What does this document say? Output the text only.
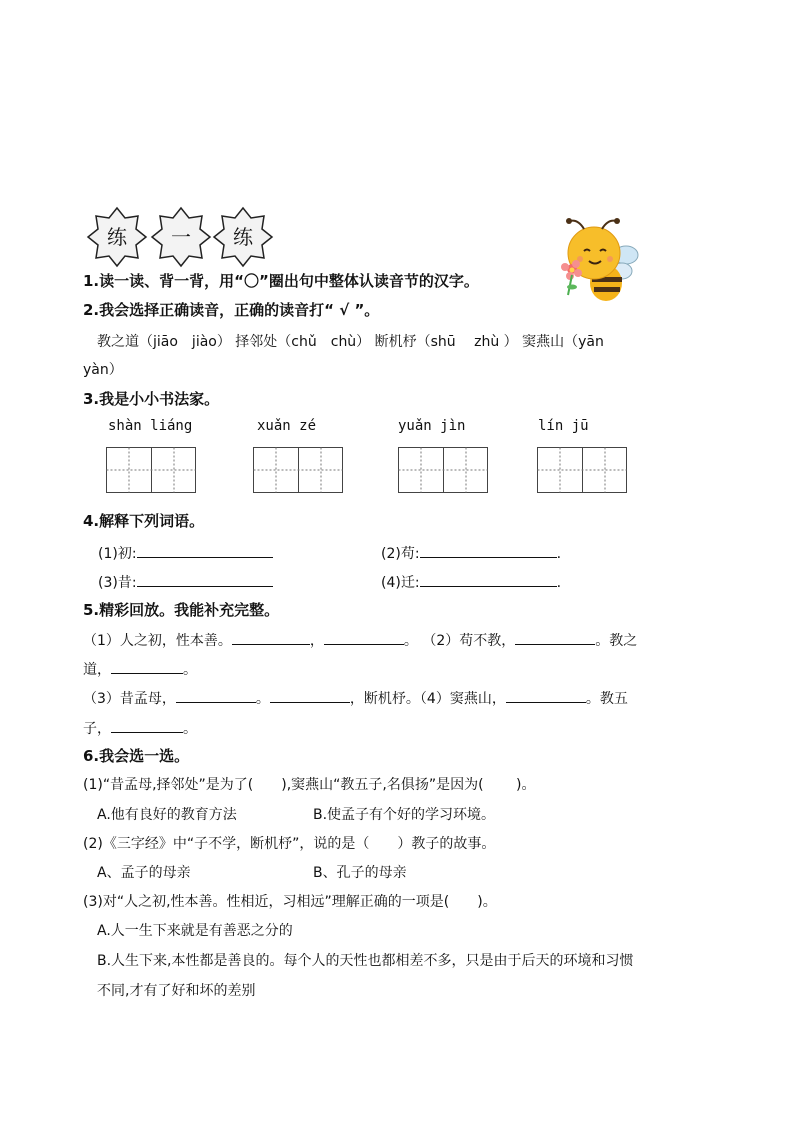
练	一	练
1.读一读、背一背，用“〇”圈出句中整体认读音节的汉字。
2.我会选择正确读音，正确的读音打“ √ ”。
教之道（jiāo　jiào） 择邻处（chǔ　chù） 断机杼（shū　 zhù ） 窦燕山（yān
yàn）
3.我是小小书法家。
shàn liáng	xuǎn zé	yuǎn jìn	lín jū
4.解释下列词语。
(1)初:	(2)苟:	.
(3)昔:	(4)迁:	.
5.精彩回放。我能补充完整。
（1）人之初，性本善。	，	。 （2）苟不教，	。教之
道，	。
（3）昔孟母，	。	，断机杼。（4）窦燕山，	。教五
子，	。
6.我会选一选。
(1)“昔孟母,择邻处”是为了(　　),窦燕山“教五子,名俱扬”是因为(　　 )。
A.他有良好的教育方法	B.使孟子有个好的学习环境。
(2)《三字经》中“子不学，断机杼”，说的是（　　）教子的故事。
A、孟子的母亲	B、孔子的母亲
(3)对“人之初,性本善。性相近，习相远”理解正确的一项是(　　)。
A.人一生下来就是有善恶之分的
B.人生下来,本性都是善良的。每个人的天性也都相差不多，只是由于后天的环境和习惯
不同,才有了好和坏的差别
